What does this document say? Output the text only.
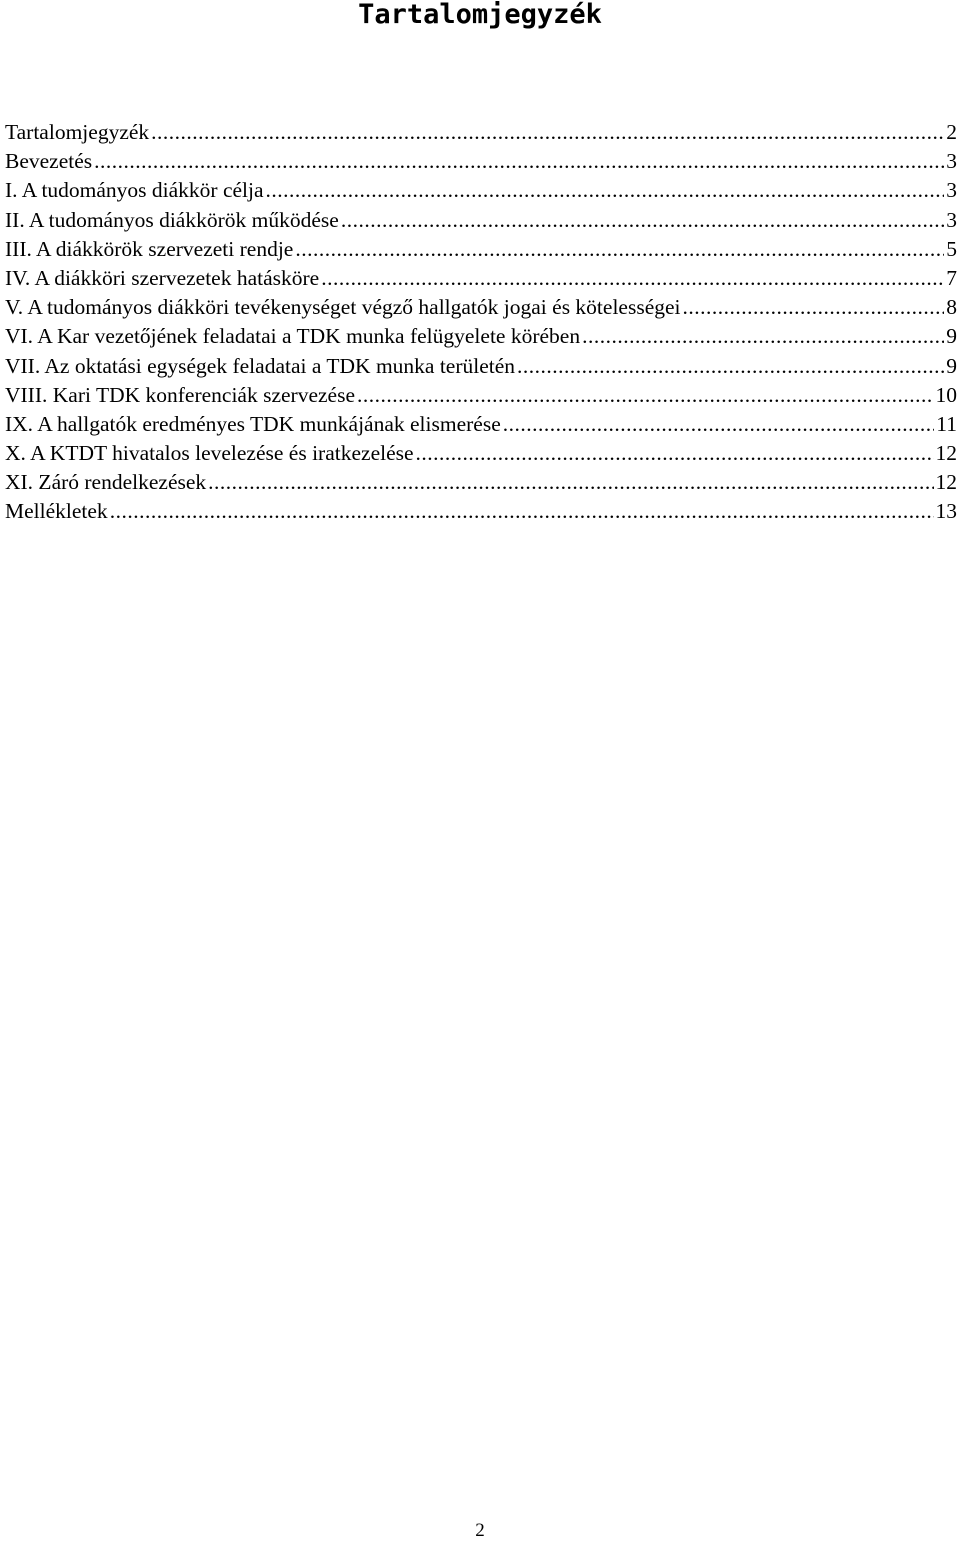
Tartalomjegyzék
Tartalomjegyzék .....	2
Bevezetés .....	3
I. A tudományos diákkör célja .....	3
II. A tudományos diákkörök működése .....	3
III. A diákkörök szervezeti rendje .....	5
IV. A diákköri szervezetek hatásköre .....	7
V. A tudományos diákköri tevékenységet végző hallgatók jogai és kötelességei .....	8
VI. A Kar vezetőjének feladatai a TDK munka felügyelete körében .....	9
VII. Az oktatási egységek feladatai a TDK munka területén .....	9
VIII. Kari TDK konferenciák szervezése .....	10
IX. A hallgatók eredményes TDK munkájának elismerése .....	11
X. A KTDT hivatalos levelezése és iratkezelése .....	12
XI. Záró rendelkezések .....	12
Mellékletek .....	13
2
